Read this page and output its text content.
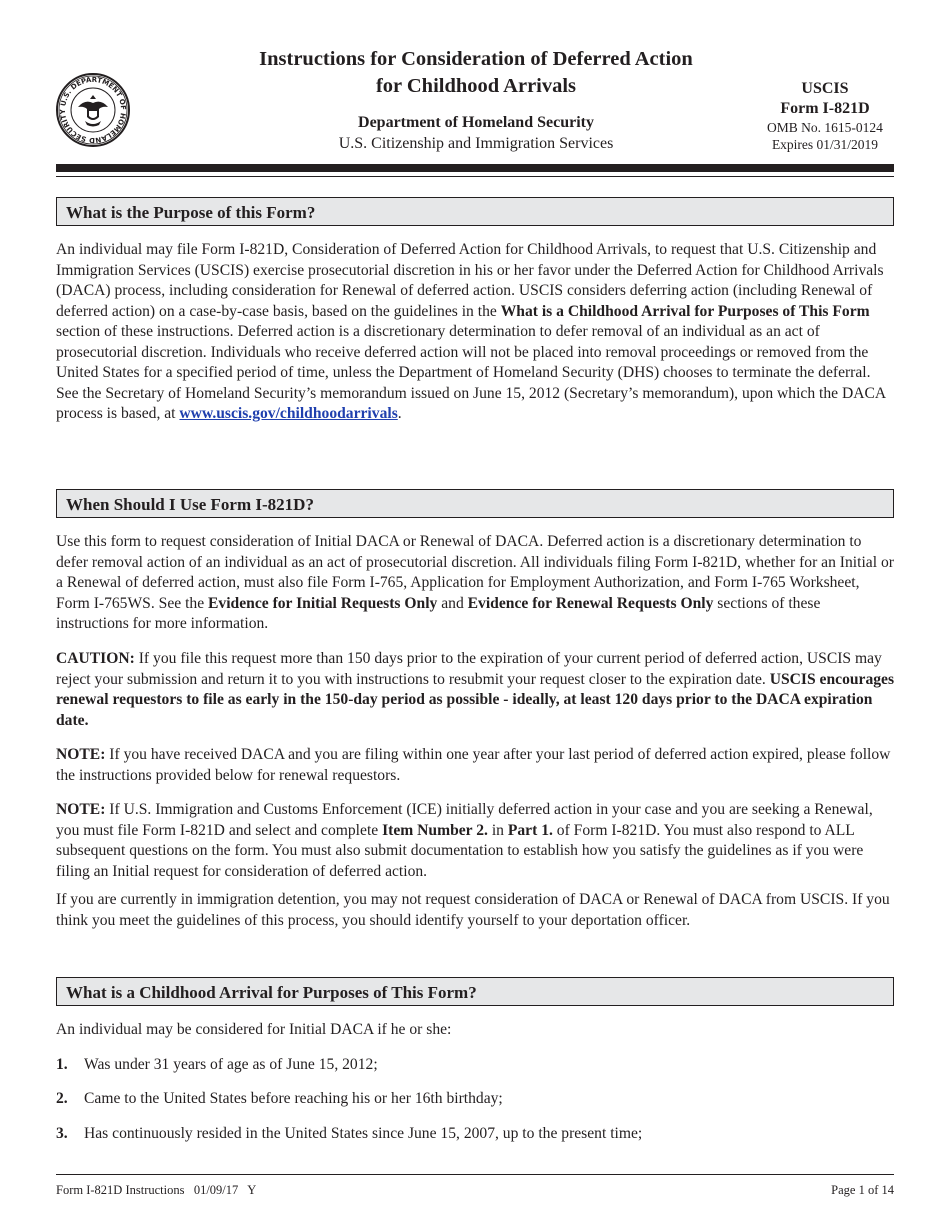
U.S. DEPARTMENT OF HOMELAND SECURITY
Instructions for Consideration of Deferred Action
for Childhood Arrivals
Department of Homeland Security
U.S. Citizenship and Immigration Services
USCIS
Form I-821D
OMB No. 1615-0124
Expires 01/31/2019
What is the Purpose of this Form?

An individual may file Form I-821D, Consideration of Deferred Action for Childhood Arrivals, to request that U.S. Citizenship and Immigration Services (USCIS) exercise prosecutorial discretion in his or her favor under the Deferred Action for Childhood Arrivals (DACA) process, including consideration for Renewal of deferred action. USCIS considers deferring action (including Renewal of deferred action) on a case-by-case basis, based on the guidelines in the What is a Childhood Arrival for Purposes of This Form section of these instructions. Deferred action is a discretionary determination to defer removal of an individual as an act of prosecutorial discretion. Individuals who receive deferred action will not be placed into removal proceedings or removed from the United States for a specified period of time, unless the Department of Homeland Security (DHS) chooses to terminate the deferral. See the Secretary of Homeland Security’s memorandum issued on June 15, 2012 (Secretary’s memorandum), upon which the DACA process is based, at www.uscis.gov/childhoodarrivals.

When Should I Use Form I-821D?

Use this form to request consideration of Initial DACA or Renewal of DACA. Deferred action is a discretionary determination to defer removal action of an individual as an act of prosecutorial discretion. All individuals filing Form I-821D, whether for an Initial or a Renewal of deferred action, must also file Form I-765, Application for Employment Authorization, and Form I-765 Worksheet, Form I-765WS. See the Evidence for Initial Requests Only and Evidence for Renewal Requests Only sections of these instructions for more information.

CAUTION: If you file this request more than 150 days prior to the expiration of your current period of deferred action, USCIS may reject your submission and return it to you with instructions to resubmit your request closer to the expiration date. USCIS encourages renewal requestors to file as early in the 150-day period as possible - ideally, at least 120 days prior to the DACA expiration date.

NOTE: If you have received DACA and you are filing within one year after your last period of deferred action expired, please follow the instructions provided below for renewal requestors.

NOTE: If U.S. Immigration and Customs Enforcement (ICE) initially deferred action in your case and you are seeking a Renewal, you must file Form I-821D and select and complete Item Number 2. in Part 1. of Form I-821D. You must also respond to ALL subsequent questions on the form. You must also submit documentation to establish how you satisfy the guidelines as if you were filing an Initial request for consideration of deferred action.

If you are currently in immigration detention, you may not request consideration of DACA or Renewal of DACA from USCIS. If you think you meet the guidelines of this process, you should identify yourself to your deportation officer.

What is a Childhood Arrival for Purposes of This Form?

An individual may be considered for Initial DACA if he or she:

1. Was under 31 years of age as of June 15, 2012;
2. Came to the United States before reaching his or her 16th birthday;
3. Has continuously resided in the United States since June 15, 2007, up to the present time;
Form I-821D Instructions   01/09/17   Y	Page 1 of 14
